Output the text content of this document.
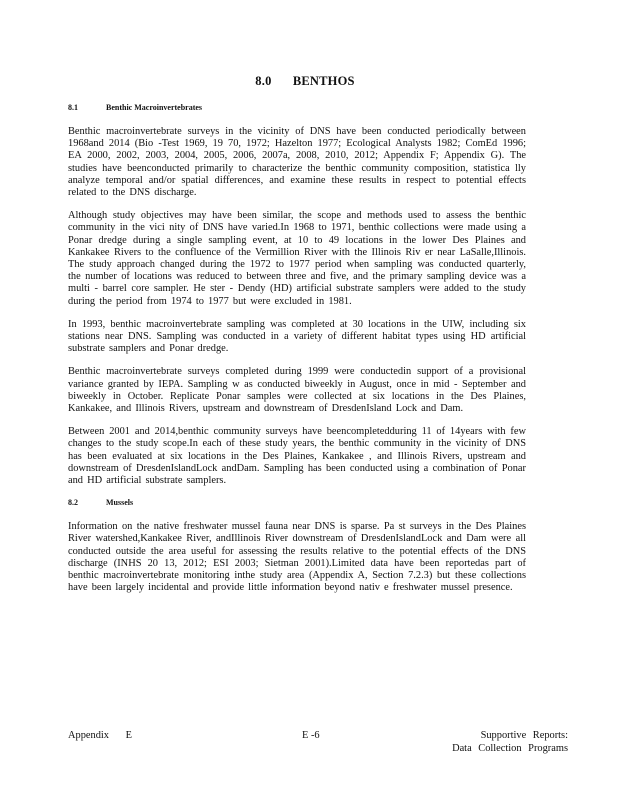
8.0 BENTHOS
8.1	Benthic Macroinvertebrates

Benthic macroinvertebrate surveys in the vicinity of DNS have been conducted periodically between 1968and 2014 (Bio -Test 1969, 19 70, 1972; Hazelton 1977; Ecological Analysts 1982; ComEd 1996; EA 2000, 2002, 2003, 2004, 2005, 2006, 2007a, 2008, 2010, 2012; Appendix F; Appendix G). The studies have beenconducted primarily to characterize the benthic community composition, statistica lly analyze temporal and/or spatial differences, and examine these results in respect to potential effects related to the DNS discharge.

Although study objectives may have been similar, the scope and methods used to assess the benthic community in the vici nity of DNS have varied.In 1968 to 1971, benthic collections were made using a Ponar dredge during a single sampling event, at 10 to 49 locations in the lower Des Plaines and Kankakee Rivers to the confluence of the Vermillion River with the Illinois Riv er near LaSalle,Illinois. The study approach changed during the 1972 to 1977 period when sampling was conducted quarterly, the number of locations was reduced to between three and five, and the primary sampling device was a multi - barrel core sampler. He ster - Dendy (HD) artificial substrate samplers were added to the study during the period from 1974 to 1977 but were excluded in 1981.

In 1993, benthic macroinvertebrate sampling was completed at 30 locations in the UIW, including six stations near DNS. Sampling was conducted in a variety of different habitat types using HD artificial substrate samplers and Ponar dredge.

Benthic macroinvertebrate surveys completed during 1999 were conductedin support of a provisional variance granted by IEPA. Sampling w as conducted biweekly in August, once in mid - September and biweekly in October. Replicate Ponar samples were collected at six locations in the Des Plaines, Kankakee, and Illinois Rivers, upstream and downstream of DresdenIsland Lock and Dam.

Between 2001 and 2014,benthic community surveys have beencompletedduring 11 of 14years with few changes to the study scope.In each of these study years, the benthic community in the vicinity of DNS has been evaluated at six locations in the Des Plaines, Kankakee , and Illinois Rivers, upstream and downstream of DresdenIslandLock andDam. Sampling has been conducted using a combination of Ponar and HD artificial substrate samplers.

8.2	Mussels

Information on the native freshwater mussel fauna near DNS is sparse. Pa st surveys in the Des Plaines River watershed,Kankakee River, andIllinois River downstream of DresdenIslandLock and Dam were all conducted outside the area useful for assessing the results relative to the potential effects of the DNS discharge (INHS 20 13, 2012; ESI 2003; Sietman 2001).Limited data have been reportedas part of benthic macroinvertebrate monitoring inthe study area (Appendix A, Section 7.2.3) but these collections have been largely incidental and provide little information beyond nativ e freshwater mussel presence.

Appendix E	E -6	Supportive Reports:
Data Collection Programs
